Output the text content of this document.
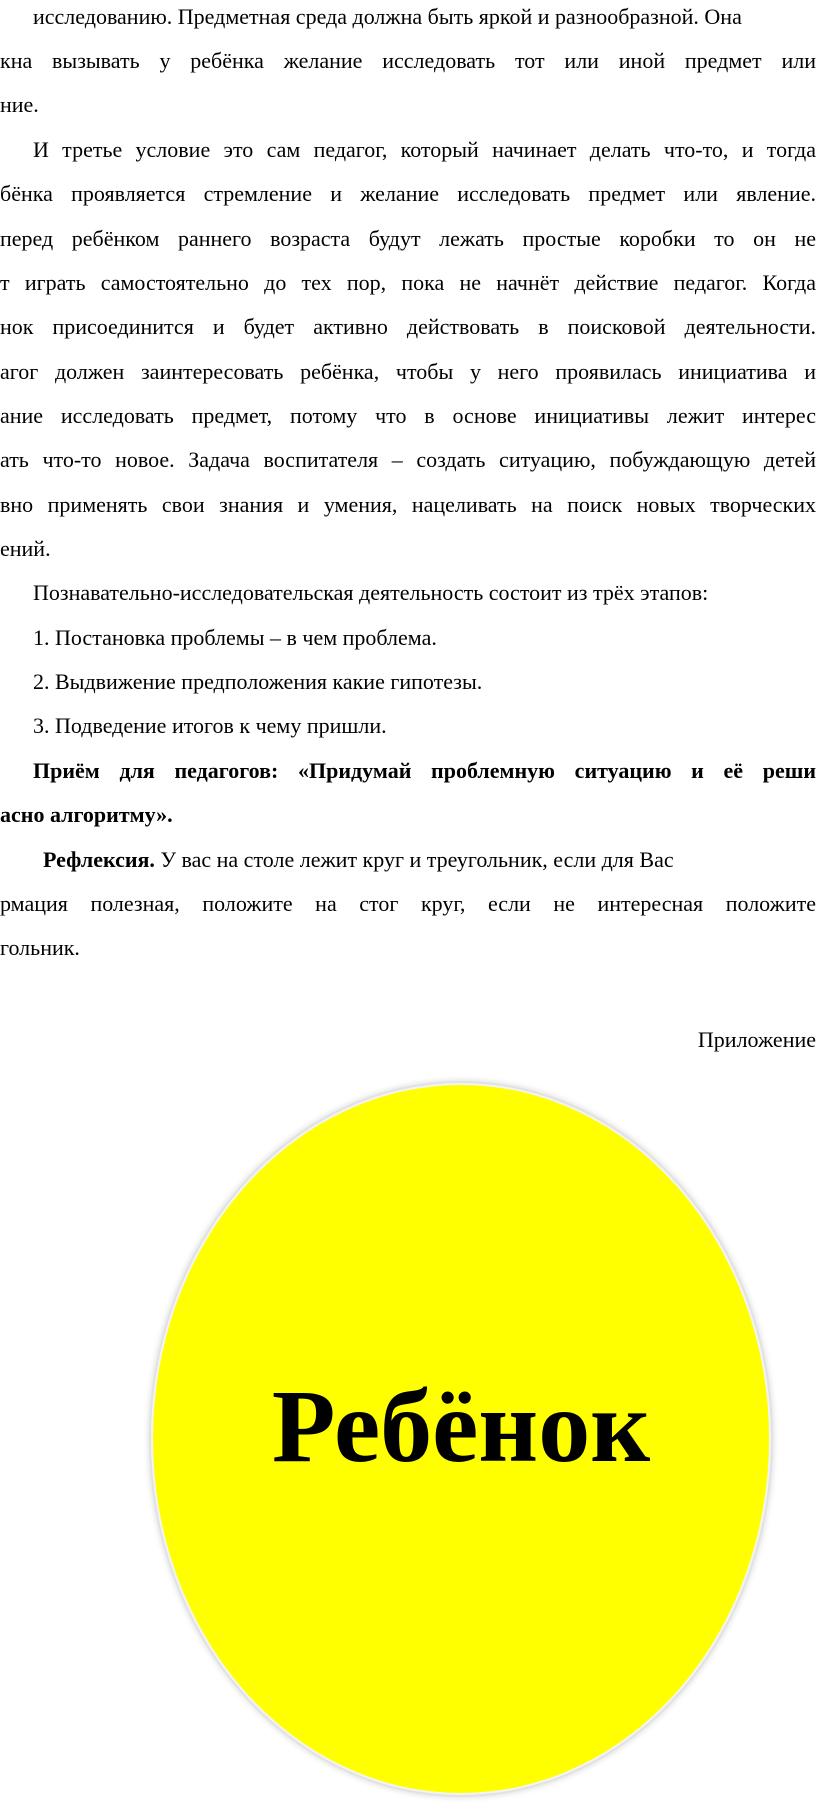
исследованию. Предметная среда должна быть яркой и разнообразной. Она
кна вызывать у ребёнка желание исследовать тот или иной предмет или
ние.
И третье условие это сам педагог, который начинает делать что-то, и тогда
бёнка проявляется стремление и желание исследовать предмет или явление.
перед ребёнком раннего возраста будут лежать простые коробки то он не
т играть самостоятельно до тех пор, пока не начнёт действие педагог. Когда
нок присоединится и будет активно действовать в поисковой деятельности.
агог должен заинтересовать ребёнка, чтобы у него проявилась инициатива и
ание исследовать предмет, потому что в основе инициативы лежит интерес
ать что-то новое. Задача воспитателя – создать ситуацию, побуждающую детей
вно применять свои знания и умения, нацеливать на поиск новых творческих
ений.
Познавательно-исследовательская деятельность состоит из трёх этапов:
1. Постановка проблемы – в чем проблема.
2. Выдвижение предположения какие гипотезы.
3. Подведение итогов к чему пришли.
Приём для педагогов: «Придумай проблемную ситуацию и её реши
асно алгоритму».
Рефлексия. У вас на столе лежит круг и треугольник, если для Вас
рмация полезная, положите на стог круг, если не интересная положите
гольник.
Приложение
Ребёнок
